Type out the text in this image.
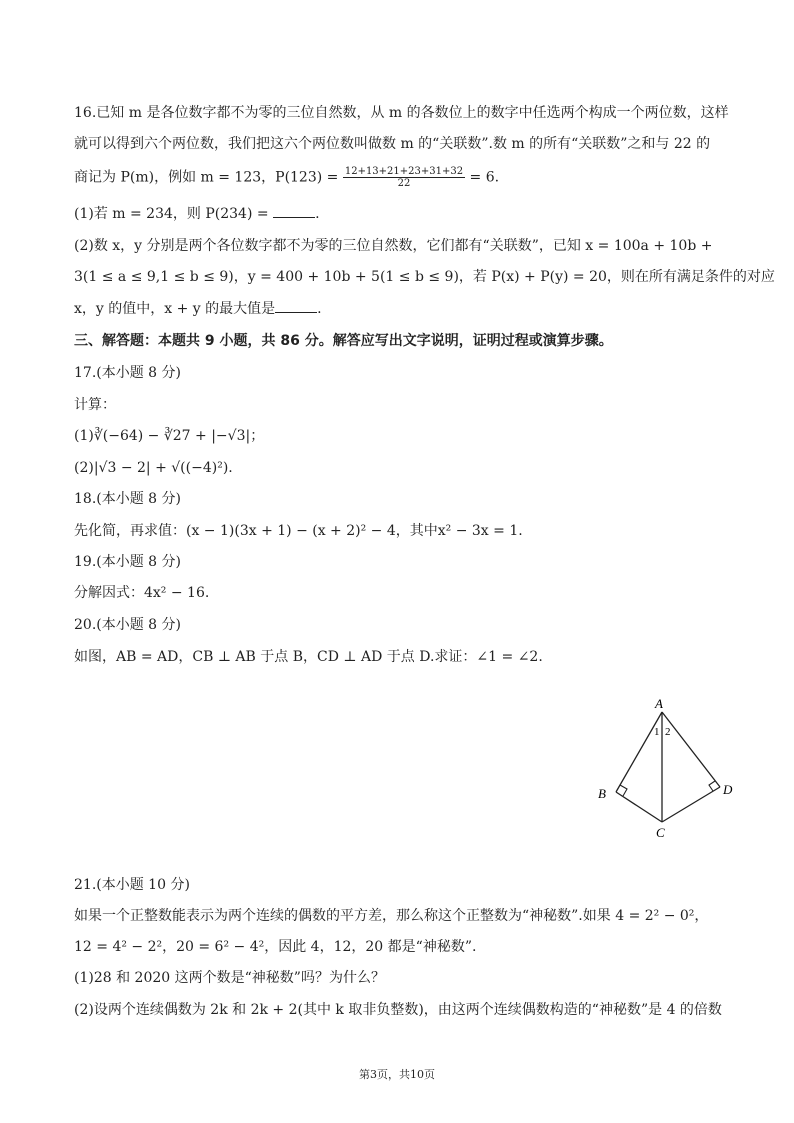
16.已知 m 是各位数字都不为零的三位自然数，从 m 的各数位上的数字中任选两个构成一个两位数，这样
就可以得到六个两位数，我们把这六个两位数叫做数 m 的“关联数”.数 m 的所有“关联数”之和与 22 的
商记为 P(m)，例如 m = 123，$P(123) = \frac{12+13+21+23+31+32}{22} = 6$.
(1)若 m = 234，则 P(234) =	.
(2)数 x，y 分别是两个各位数字都不为零的三位自然数，它们都有“关联数”，已知 x = 100a + 10b +
3(1 ≤ a ≤ 9,1 ≤ b ≤ 9)，y = 400 + 10b + 5(1 ≤ b ≤ 9)，若 P(x) + P(y) = 20，则在所有满足条件的对应
x，y 的值中，x + y 的最大值是	.
三、解答题：本题共 9 小题，共 86 分。解答应写出文字说明，证明过程或演算步骤。
17.(本小题 8 分)
计算：
(1)∛(−64) − ∛27 + |−√3|；
(2)|√3 − 2| + √((−4)²).
18.(本小题 8 分)
先化简，再求值：(x − 1)(3x + 1) − (x + 2)² − 4，其中x² − 3x = 1.
19.(本小题 8 分)
分解因式：4x² − 16.
20.(本小题 8 分)
如图，AB = AD，CB ⊥ AB 于点 B，CD ⊥ AD 于点 D.求证：∠1 = ∠2.
A
B
C
D
1 2
21.(本小题 10 分)
如果一个正整数能表示为两个连续的偶数的平方差，那么称这个正整数为“神秘数”.如果 4 = 2² − 0²，
12 = 4² − 2²，20 = 6² − 4²，因此 4，12，20 都是“神秘数”.
(1)28 和 2020 这两个数是“神秘数”吗？为什么？
(2)设两个连续偶数为 2k 和 2k + 2(其中 k 取非负整数)，由这两个连续偶数构造的“神秘数”是 4 的倍数
第3页，共10页
